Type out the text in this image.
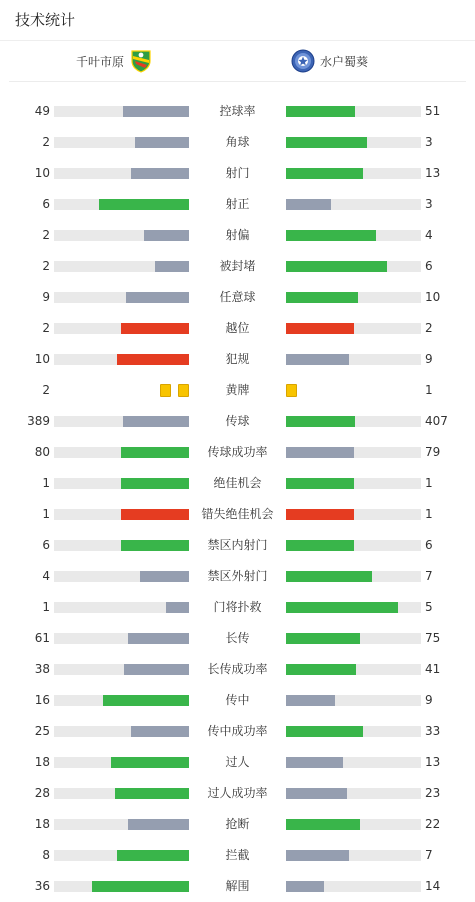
技术统计
千叶市原	水户蜀葵
49	51
控球率
2	3
角球
10	13
射门
6	3
射正
2	4
射偏
2	6
被封堵
9	10
任意球
2	2
越位
10	9
犯规
2	1
黄牌
389	407
传球
80	79
传球成功率
1	1
绝佳机会
1	1
错失绝佳机会
6	6
禁区内射门
4	7
禁区外射门
1	5
门将扑救
61	75
长传
38	41
长传成功率
16	9
传中
25	33
传中成功率
18	13
过人
28	23
过人成功率
18	22
抢断
8	7
拦截
36	14
解围
